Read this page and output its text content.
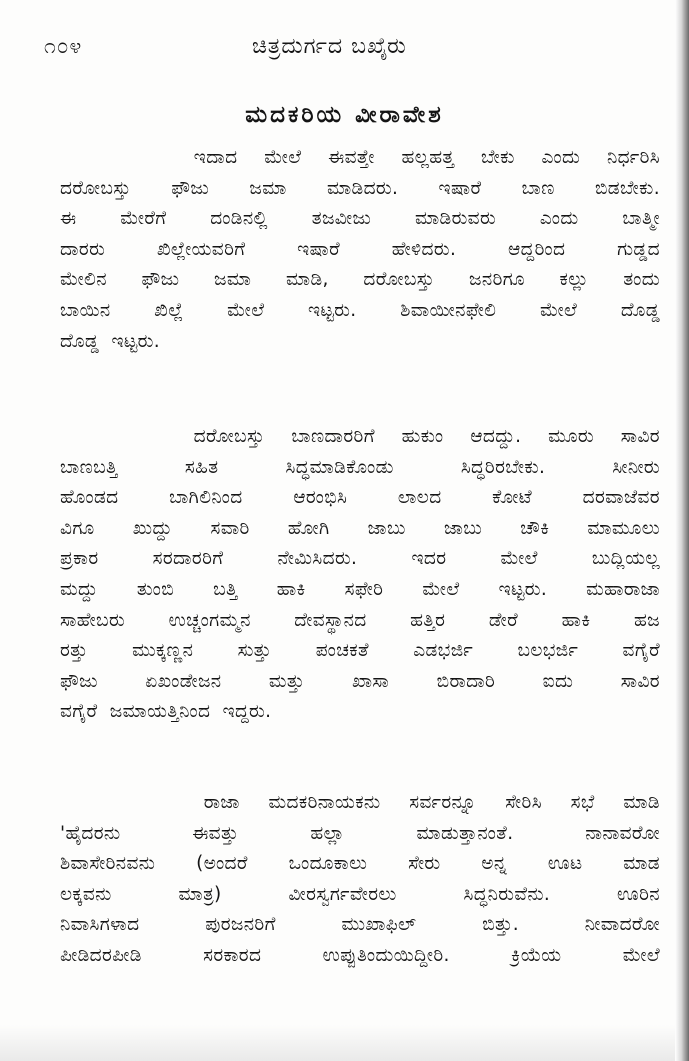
೧೦೪	ಚಿತ್ರದುರ್ಗದ ಬಖೈರು
ಮದಕರಿಯ ವೀರಾವೇಶ
ಇದಾದ ಮೇಲೆ ಈವತ್ತೇ ಹಲ್ಲಹತ್ತ ಬೇಕು ಎಂದು ನಿರ್ಧರಿಸಿ
ದರೋಬಸ್ತು ಫೌಜು ಜಮಾ ಮಾಡಿದರು. ಇಷಾರೆ ಬಾಣ ಬಿಡಬೇಕು.
ಈ ಮೇರೆಗೆ ದಂಡಿನಲ್ಲಿ ತಜವೀಜು ಮಾಡಿರುವರು ಎಂದು ಬಾತ್ಮೀ
ದಾರರು ಖಿಲ್ಲೇಯವರಿಗೆ ಇಷಾರೆ ಹೇಳಿದರು. ಆದ್ದರಿಂದ ಗುಡ್ಡದ
ಮೇಲಿನ ಫೌಜು ಜಮಾ ಮಾಡಿ, ದರೋಬಸ್ತು ಜನರಿಗೂ ಕಲ್ಲು ತಂದು
ಬಾಯಿನ ಖಿಲ್ಲೆ ಮೇಲೆ ಇಟ್ಟರು. ಶಿವಾಯೀನಫೇಲಿ ಮೇಲೆ ದೊಡ್ಡ
ದೊಡ್ಡ ಇಟ್ಟರು.
ದರೋಬಸ್ತು ಬಾಣದಾರರಿಗೆ ಹುಕುಂ ಆದದ್ದು. ಮೂರು ಸಾವಿರ
ಬಾಣಬತ್ತಿ ಸಹಿತ ಸಿದ್ಧಮಾಡಿಕೊಂಡು ಸಿದ್ಧರಿರಬೇಕು. ಸೀನೀರು
ಹೊಂಡದ ಬಾಗಿಲಿನಿಂದ ಆರಂಭಿಸಿ ಲಾಲದ ಕೋಟೆ ದರವಾಜೆವರ
ವಿಗೂ ಖುದ್ದು ಸವಾರಿ ಹೋಗಿ ಜಾಬು ಜಾಬು ಚೌಕಿ ಮಾಮೂಲು
ಪ್ರಕಾರ ಸರದಾರರಿಗೆ ನೇಮಿಸಿದರು. ಇದರ ಮೇಲೆ ಬುದ್ಲಿಯಲ್ಲ
ಮದ್ದು ತುಂಬಿ ಬತ್ತಿ ಹಾಕಿ ಸಫೇರಿ ಮೇಲೆ ಇಟ್ಟರು. ಮಹಾರಾಜಾ
ಸಾಹೇಬರು ಉಚ್ಚಂಗಮ್ಮನ ದೇವಸ್ಥಾನದ ಹತ್ತಿರ ಡೇರೆ ಹಾಕಿ ಹಜ
ರತ್ತು ಮುಕ್ಕಣ್ಣನ ಸುತ್ತು ಪಂಚಕತೆ ಎಡಭರ್ಜಿ ಬಲಭರ್ಜಿ ವಗೈರೆ
ಫೌಜು ಏಖಂಡೇಜನ ಮತ್ತು ಖಾಸಾ ಬಿರಾದಾರಿ ಐದು ಸಾವಿರ
ವಗೈರೆ ಜಮಾಯತ್ತಿನಿಂದ ಇದ್ದರು.
ರಾಜಾ ಮದಕರಿನಾಯಕನು ಸರ್ವರನ್ನೂ ಸೇರಿಸಿ ಸಭೆ ಮಾಡಿ
'ಹೈದರನು ಈವತ್ತು ಹಲ್ಲಾ ಮಾಡುತ್ತಾನಂತೆ. ನಾನಾವರೋ
ಶಿವಾಸೇರಿನವನು (ಅಂದರೆ ಒಂದೂಕಾಲು ಸೇರು ಅನ್ನ ಊಟ ಮಾಡ
ಲಕ್ಕವನು ಮಾತ್ರ) ವೀರಸ್ವರ್ಗವೇರಲು ಸಿದ್ಧನಿರುವೆನು. ಊರಿನ
ನಿವಾಸಿಗಳಾದ ಪುರಜನರಿಗೆ ಮುಖಾಫಿಲ್ ಬಿತ್ತು. ನೀವಾದರೋ
ಪೀಡಿದರಪೀಡಿ ಸರಕಾರದ ಉಪ್ಪುತಿಂದುಯಿದ್ದೀರಿ. ಕ್ರಿಯೆಯ ಮೇಲೆ
